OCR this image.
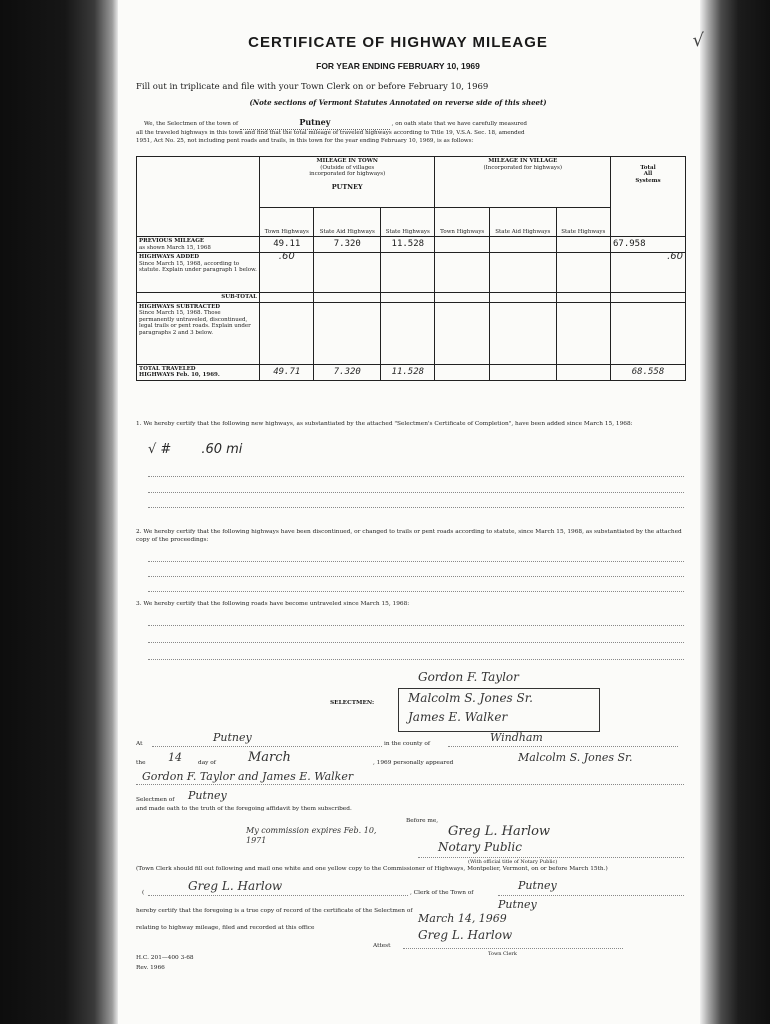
√
CERTIFICATE OF HIGHWAY MILEAGE
FOR YEAR ENDING FEBRUARY 10, 1969
Fill out in triplicate and file with your Town Clerk on or before February 10, 1969
(Note sections of Vermont Statutes Annotated on reverse side of this sheet)
We, the Selectmen of the town of	Putney	, on oath state that we have carefully measured
all the traveled highways in this town and find that the total mileage of traveled highways according to Title 19, V.S.A. Sec. 18, amended
1951, Act No. 25, not including pent roads and trails, in this town for the year ending February 10, 1969, is as follows:
	MILEAGE IN TOWN
(Outside of villages
incorporated for highways)

PUTNEY			MILEAGE IN VILLAGE
(Incorporated for highways)			Total
All
Systems
	Town Highways	State Aid Highways	State Highways	Town Highways	State Aid Highways	State Highways	
PREVIOUS MILEAGE
as shown March 15, 1968	49.11	7.320	11.528				67.958
HIGHWAYS ADDED
Since March 15, 1968, according to statute. Explain under paragraph 1 below.	.60						.60
SUB-TOTAL							
HIGHWAYS SUBTRACTED
Since March 15, 1968. Those permanently untraveled, discontinued, legal trails or pent roads. Explain under paragraphs 2 and 3 below.							
TOTAL TRAVELED
HIGHWAYS Feb. 10, 1969.	49.71	7.320	11.528				68.558
1. We hereby certify that the following new highways, as substantiated by the attached "Selectmen's Certificate of Completion", have been added since March 15, 1968:
√ # .60 mi
2. We hereby certify that the following highways have been discontinued, or changed to trails or pent roads according to statute, since March 15, 1968, as substantiated by the attached copy of the proceedings:
3. We hereby certify that the following roads have become untraveled since March 15, 1968:
SELECTMEN:
Gordon F. Taylor
Malcolm S. Jones Sr.
James E. Walker
At	Putney	in the county of	Windham
the 14	day of March	, 1969 personally appeared	Malcolm S. Jones Sr.
Gordon F. Taylor and James E. Walker
Selectmen of Putney
and made oath to the truth of the foregoing affidavit by them subscribed.
Before me,
Greg L. Harlow
Notary Public
My commission expires Feb. 10, 1971
(With official title of Notary Public)
(Town Clerk should fill out following and mail one white and one yellow copy to the Commissioner of Highways, Montpelier, Vermont, on or before March 15th.)
(	Greg L. Harlow	, Clerk of the Town of
Putney
hereby certify that the foregoing is a true copy of record of the certificate of the Selectmen of	Putney
relating to highway mileage, filed and recorded at this office
March 14, 1969
Attest
Greg L. Harlow
Town Clerk
H.C. 201—400 3-68
Rev. 1966
